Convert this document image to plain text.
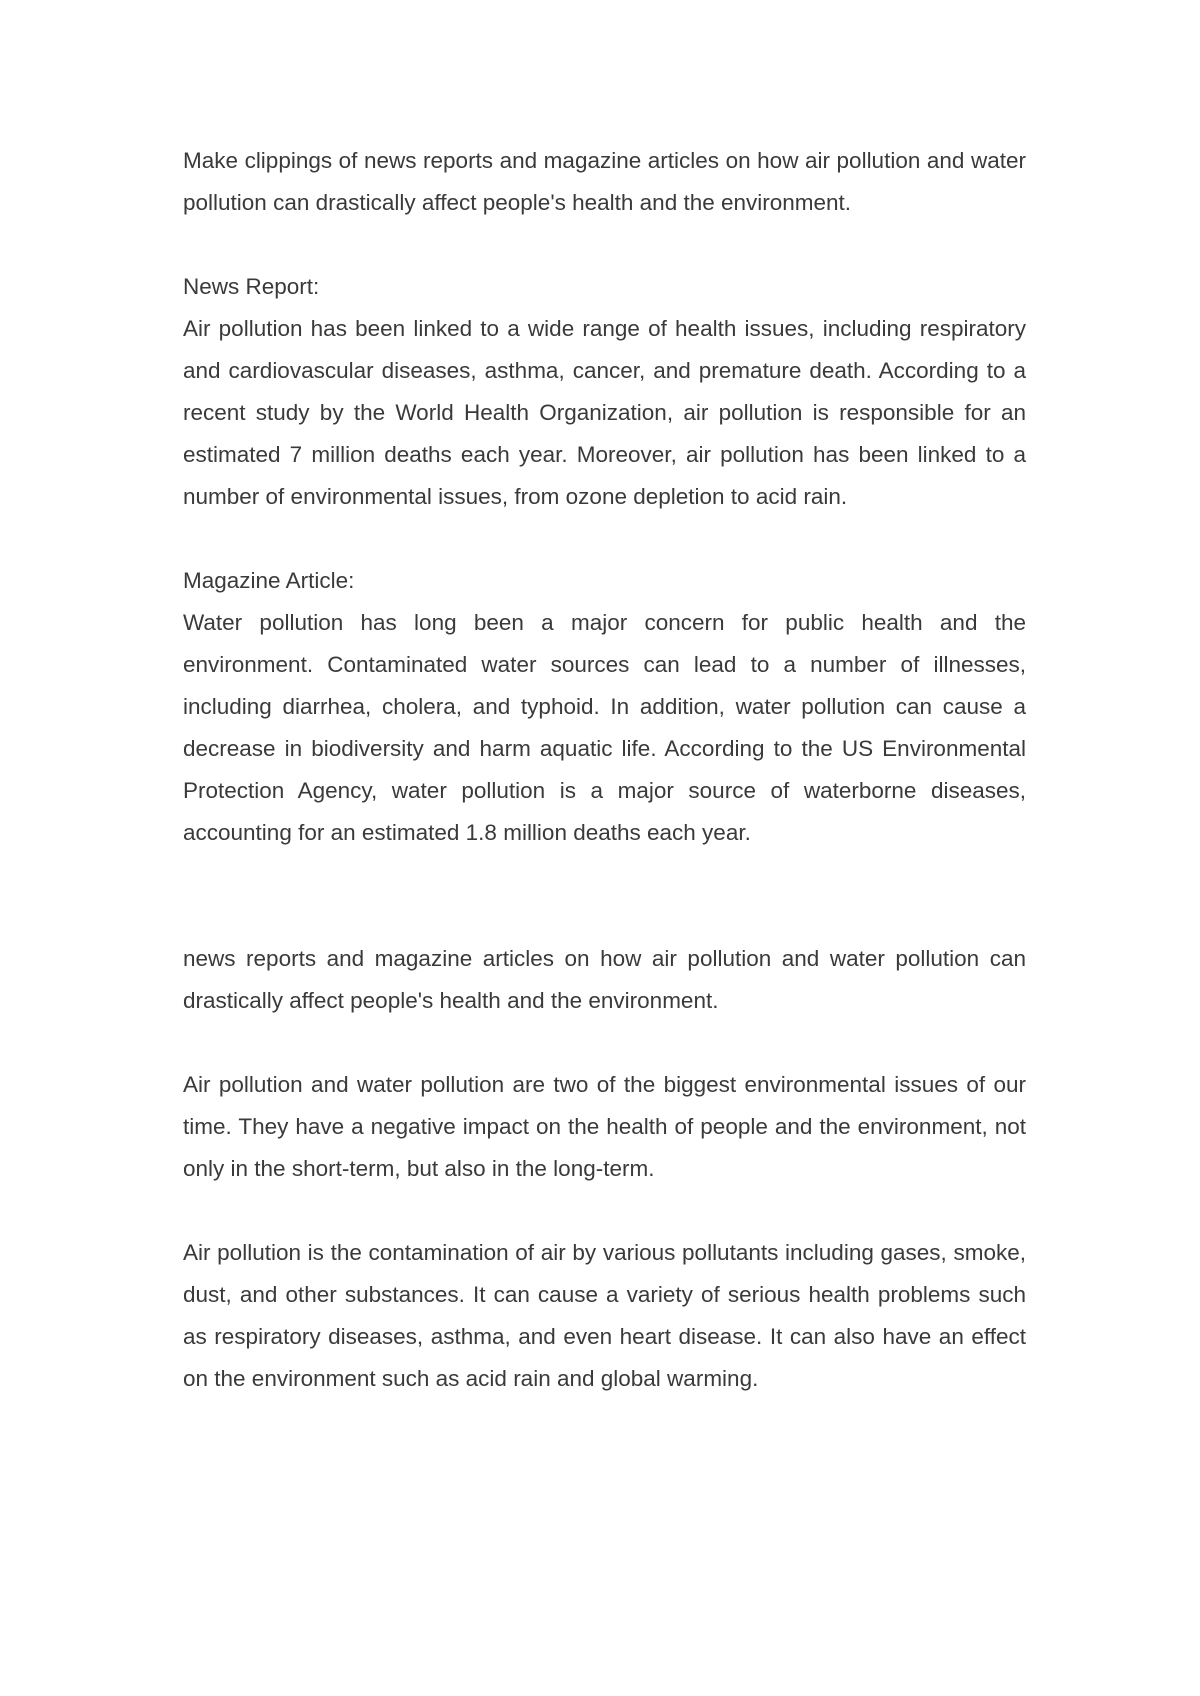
Make clippings of news reports and magazine articles on how air pollution and water pollution can drastically affect people's health and the environment.

News Report:

Air pollution has been linked to a wide range of health issues, including respiratory and cardiovascular diseases, asthma, cancer, and premature death. According to a recent study by the World Health Organization, air pollution is responsible for an estimated 7 million deaths each year. Moreover, air pollution has been linked to a number of environmental issues, from ozone depletion to acid rain.

Magazine Article:

Water pollution has long been a major concern for public health and the environment. Contaminated water sources can lead to a number of illnesses, including diarrhea, cholera, and typhoid. In addition, water pollution can cause a decrease in biodiversity and harm aquatic life. According to the US Environmental Protection Agency, water pollution is a major source of waterborne diseases, accounting for an estimated 1.8 million deaths each year.

news reports and magazine articles on how air pollution and water pollution can drastically affect people's health and the environment.

Air pollution and water pollution are two of the biggest environmental issues of our time. They have a negative impact on the health of people and the environment, not only in the short-term, but also in the long-term.

Air pollution is the contamination of air by various pollutants including gases, smoke, dust, and other substances. It can cause a variety of serious health problems such as respiratory diseases, asthma, and even heart disease. It can also have an effect on the environment such as acid rain and global warming.
